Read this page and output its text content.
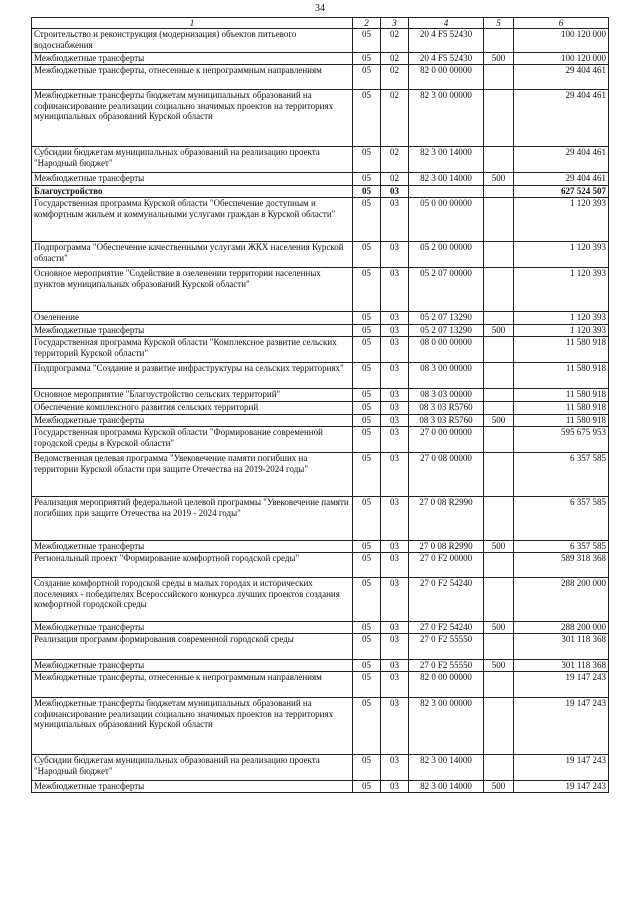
34
1	2	3	4	5	6
Строительство и реконструкция (модернизация) объектов питьевого водоснабжения	05	02	20 4 F5 52430		100 120 000
Межбюджетные трансферты	05	02	20 4 F5 52430	500	100 120 000
Межбюджетные трансферты, отнесенные к непрограммным направлениям	05	02	82 0 00 00000		29 404 461
Межбюджетные трансферты бюджетам муниципальных образований на софинансирование реализации социально значимых проектов на территориях муниципальных образований Курской области	05	02	82 3 00 00000		29 404 461
Субсидии бюджетам муниципальных образований на реализацию проекта "Народный бюджет"	05	02	82 3 00 14000		29 404 461
Межбюджетные трансферты	05	02	82 3 00 14000	500	29 404 461
Благоустройство	05	03			627 524 507
Государственная программа Курской области "Обеспечение доступным и комфортным жильем и коммунальными услугами граждан в Курской области"	05	03	05 0 00 00000		1 120 393
Подпрограмма "Обеспечение качественными услугами ЖКХ населения Курской области"	05	03	05 2 00 00000		1 120 393
Основное мероприятие "Содействие в озеленении территории населенных пунктов муниципальных образований Курской области"	05	03	05 2 07 00000		1 120 393
Озеленение	05	03	05 2 07 13290		1 120 393
Межбюджетные трансферты	05	03	05 2 07 13290	500	1 120 393
Государственная программа Курской области "Комплексное развитие сельских территорий Курской области"	05	03	08 0 00 00000		11 580 918
Подпрограмма "Создание и развитие инфраструктуры на сельских территориях"	05	03	08 3 00 00000		11 580 918
Основное мероприятие "Благоустройство сельских территорий"	05	03	08 3 03 00000		11 580 918
Обеспечение комплексного развития сельских территорий	05	03	08 3 03 R5760		11 580 918
Межбюджетные трансферты	05	03	08 3 03 R5760	500	11 580 918
Государственная программа Курской области "Формирование современной городской среды в Курской области"	05	03	27 0 00 00000		595 675 953
Ведомственная целевая программа "Увековечение памяти погибших на территории Курской области при защите Отечества на 2019-2024 годы"	05	03	27 0 08 00000		6 357 585
Реализация мероприятий федеральной целевой программы "Увековечение памяти погибших при защите Отечества на 2019 - 2024 годы"	05	03	27 0 08 R2990		6 357 585
Межбюджетные трансферты	05	03	27 0 08 R2990	500	6 357 585
Региональный проект "Формирование комфортной городской среды"	05	03	27 0 F2 00000		589 318 368
Создание комфортной городской среды в малых городах и исторических поселениях - победителях Всероссийского конкурса лучших проектов создания комфортной городской среды	05	03	27 0 F2 54240		288 200 000
Межбюджетные трансферты	05	03	27 0 F2 54240	500	288 200 000
Реализация программ формирования современной городской среды	05	03	27 0 F2 55550		301 118 368
Межбюджетные трансферты	05	03	27 0 F2 55550	500	301 118 368
Межбюджетные трансферты, отнесенные к непрограммным направлениям	05	03	82 0 00 00000		19 147 243
Межбюджетные трансферты бюджетам муниципальных образований на софинансирование реализации социально значимых проектов на территориях муниципальных образований Курской области	05	03	82 3 00 00000		19 147 243
Субсидии бюджетам муниципальных образований на реализацию проекта "Народный бюджет"	05	03	82 3 00 14000		19 147 243
Межбюджетные трансферты	05	03	82 3 00 14000	500	19 147 243
